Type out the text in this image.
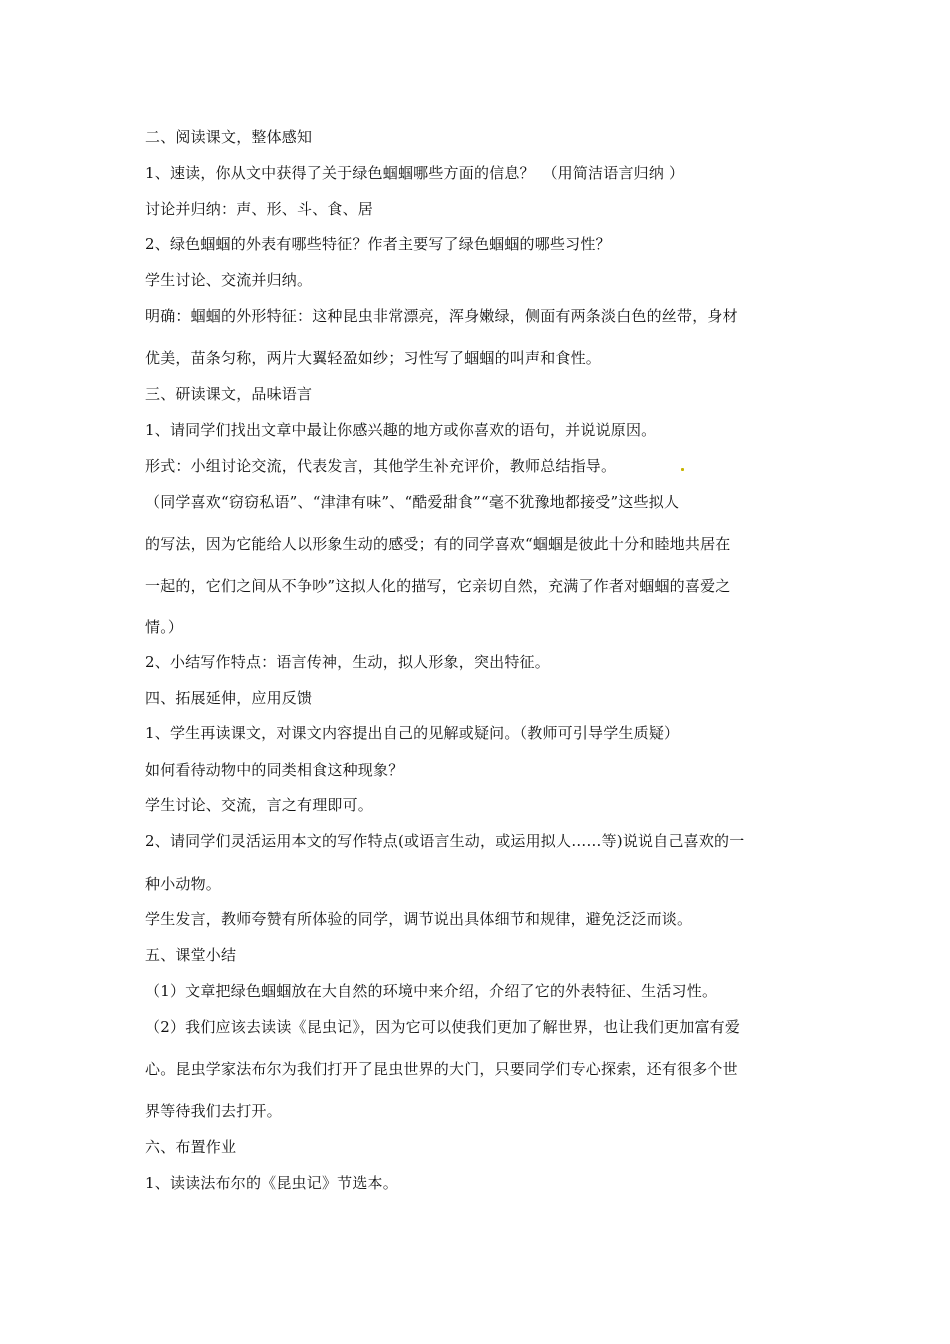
二、阅读课文，整体感知
1、速读，你从文中获得了关于绿色蝈蝈哪些方面的信息？　（用简洁语言归纳 ）
讨论并归纳：声、形、斗、食、居
2、绿色蝈蝈的外表有哪些特征？作者主要写了绿色蝈蝈的哪些习性？
学生讨论、交流并归纳。
明确：蝈蝈的外形特征：这种昆虫非常漂亮，浑身嫩绿，侧面有两条淡白色的丝带，身材
优美，苗条匀称，两片大翼轻盈如纱；习性写了蝈蝈的叫声和食性。
三、研读课文，品味语言
1、请同学们找出文章中最让你感兴趣的地方或你喜欢的语句，并说说原因。
形式：小组讨论交流，代表发言，其他学生补充评价，教师总结指导。
（同学喜欢“窃窃私语”、“津津有味”、“酷爱甜食”“毫不犹豫地都接受”这些拟人
的写法，因为它能给人以形象生动的感受；有的同学喜欢“蝈蝈是彼此十分和睦地共居在
一起的，它们之间从不争吵”这拟人化的描写，它亲切自然，充满了作者对蝈蝈的喜爱之
情。）
2、小结写作特点：语言传神，生动，拟人形象，突出特征。
四、拓展延伸，应用反馈
1、学生再读课文，对课文内容提出自己的见解或疑问。（教师可引导学生质疑）
如何看待动物中的同类相食这种现象？
学生讨论、交流，言之有理即可。
2、请同学们灵活运用本文的写作特点(或语言生动，或运用拟人……等)说说自己喜欢的一
种小动物。
学生发言，教师夸赞有所体验的同学，调节说出具体细节和规律，避免泛泛而谈。
五、课堂小结
（1）文章把绿色蝈蝈放在大自然的环境中来介绍，介绍了它的外表特征、生活习性。
（2）我们应该去读读《昆虫记》，因为它可以使我们更加了解世界，也让我们更加富有爱
心。昆虫学家法布尔为我们打开了昆虫世界的大门，只要同学们专心探索，还有很多个世
界等待我们去打开。
六、布置作业
1、读读法布尔的《昆虫记》节选本。
